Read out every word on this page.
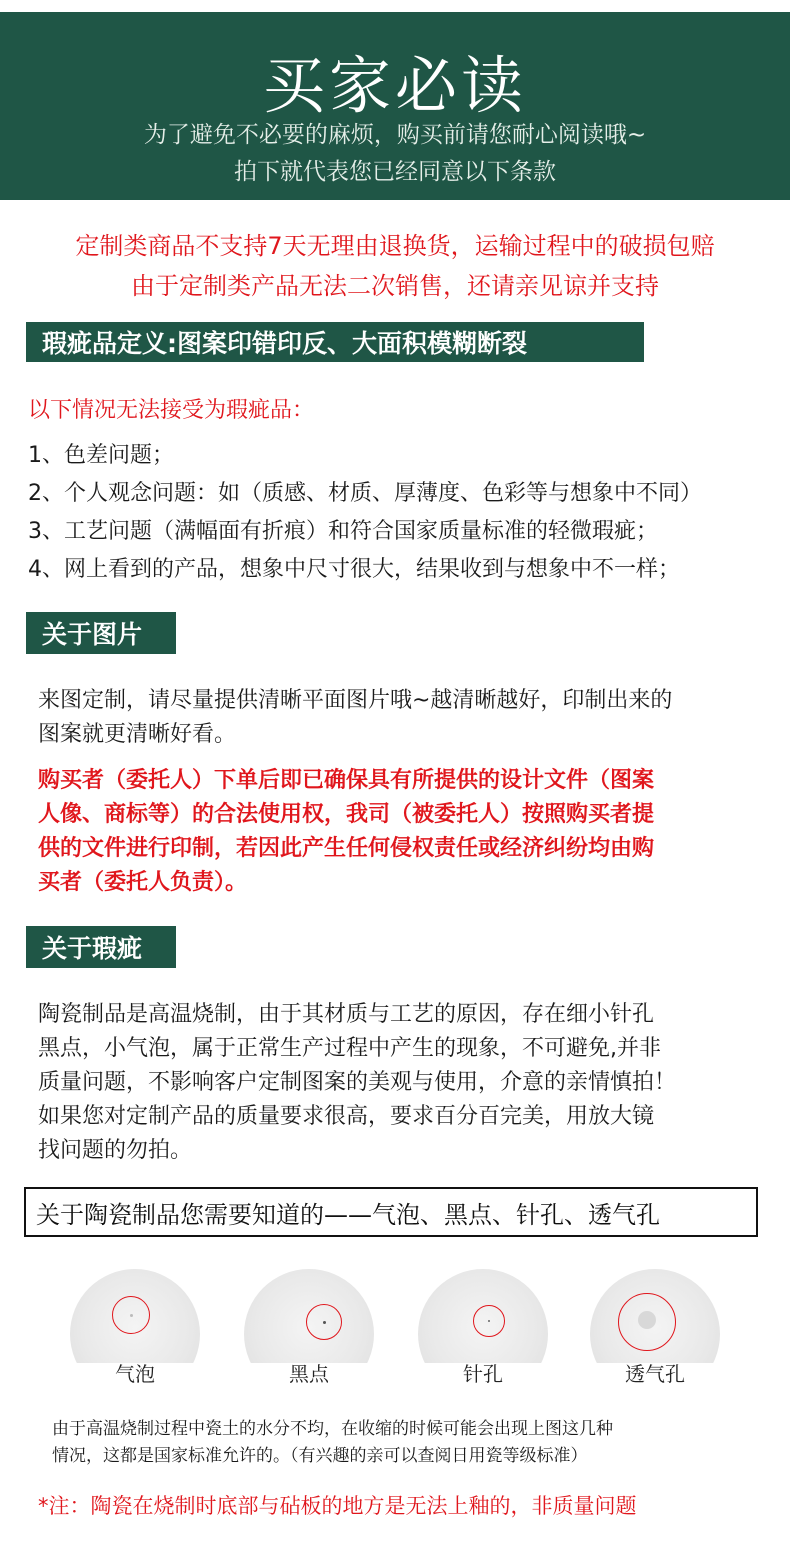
买家必读
为了避免不必要的麻烦，购买前请您耐心阅读哦~
拍下就代表您已经同意以下条款
定制类商品不支持7天无理由退换货，运输过程中的破损包赔
由于定制类产品无法二次销售，还请亲见谅并支持
瑕疵品定义:图案印错印反、大面积模糊断裂
以下情况无法接受为瑕疵品：
1、色差问题；
2、个人观念问题：如（质感、材质、厚薄度、色彩等与想象中不同）
3、工艺问题（满幅面有折痕）和符合国家质量标准的轻微瑕疵；
4、网上看到的产品，想象中尺寸很大，结果收到与想象中不一样；
关于图片
来图定制，请尽量提供清晰平面图片哦~越清晰越好，印制出来的
图案就更清晰好看。
购买者（委托人）下单后即已确保具有所提供的设计文件（图案
人像、商标等）的合法使用权，我司（被委托人）按照购买者提
供的文件进行印制，若因此产生任何侵权责任或经济纠纷均由购
买者（委托人负责）。
关于瑕疵
陶瓷制品是高温烧制，由于其材质与工艺的原因，存在细小针孔
黑点，小气泡，属于正常生产过程中产生的现象，不可避免,并非
质量问题，不影响客户定制图案的美观与使用，介意的亲情慎拍！
如果您对定制产品的质量要求很高，要求百分百完美，用放大镜
找问题的勿拍。
关于陶瓷制品您需要知道的——气泡、黑点、针孔、透气孔
气泡	黑点	针孔	透气孔
由于高温烧制过程中瓷土的水分不均，在收缩的时候可能会出现上图这几种
情况，这都是国家标准允许的。（有兴趣的亲可以查阅日用瓷等级标准）
*注：陶瓷在烧制时底部与砧板的地方是无法上釉的，非质量问题
